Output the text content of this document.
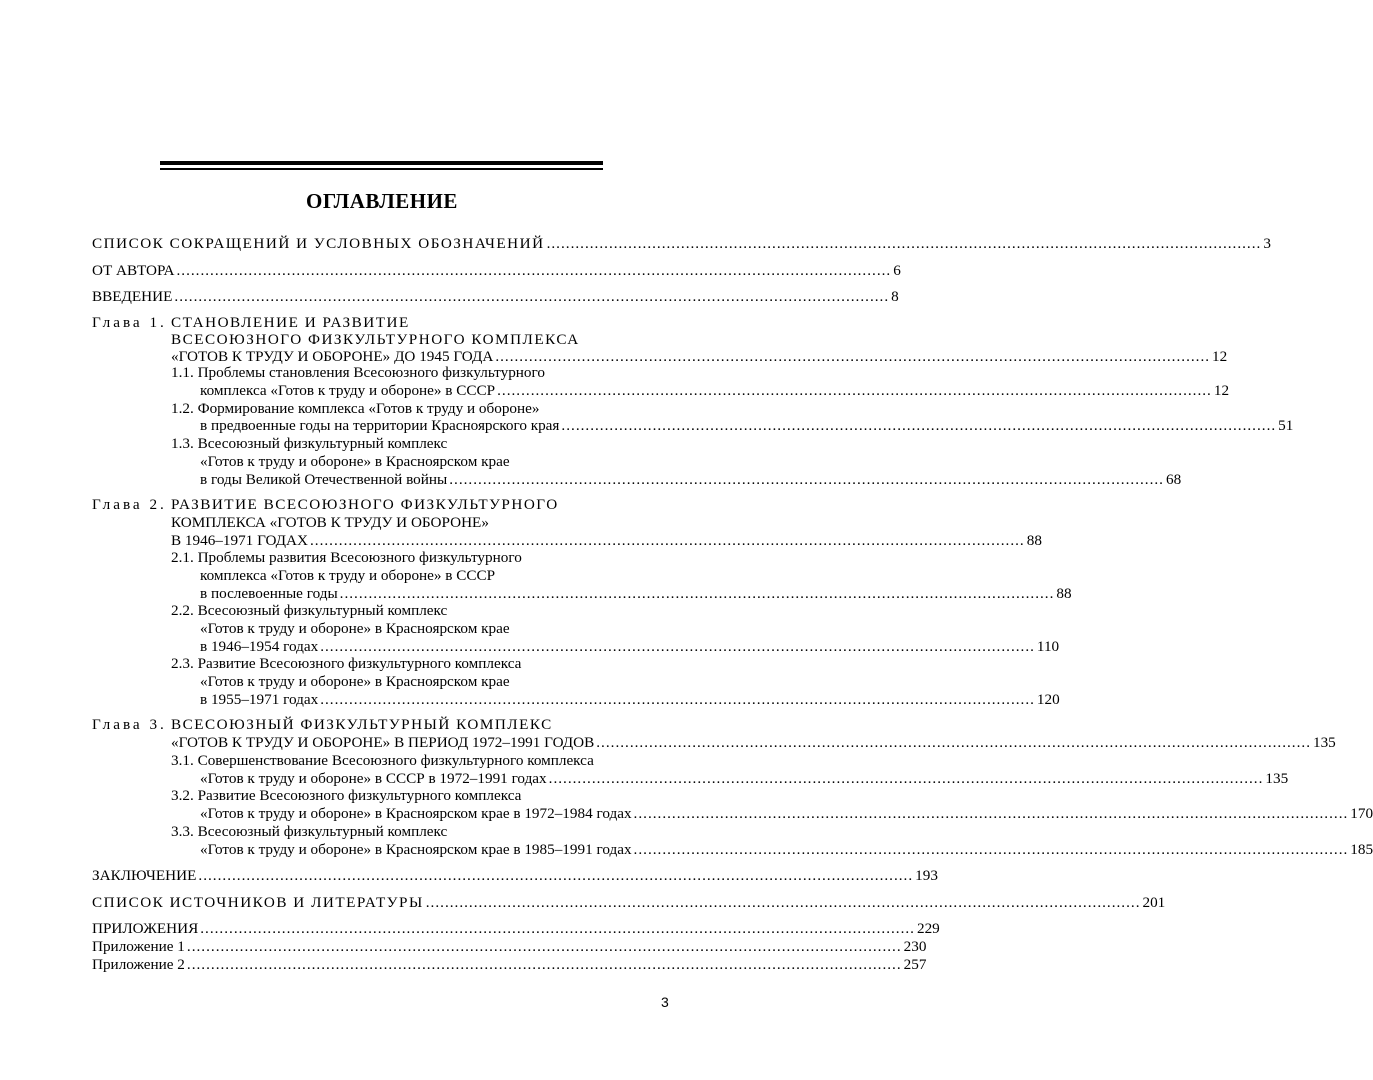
ОГЛАВЛЕНИЕ
СПИСОК СОКРАЩЕНИЙ И УСЛОВНЫХ ОБОЗНАЧЕНИЙ ..................................................................................................................................................... 3
ОТ АВТОРА ..................................................................................................................................................... 6
ВВЕДЕНИЕ ..................................................................................................................................................... 8
Глава 1. СТАНОВЛЕНИЕ И РАЗВИТИЕ
ВСЕСОЮЗНОГО ФИЗКУЛЬТУРНОГО КОМПЛЕКСА
«ГОТОВ К ТРУДУ И ОБОРОНЕ» ДО 1945 ГОДА ..................................................................................................................................................... 12
1.1. Проблемы становления Всесоюзного физкультурного
комплекса «Готов к труду и обороне» в СССР ..................................................................................................................................................... 12
1.2. Формирование комплекса «Готов к труду и обороне»
в предвоенные годы на территории Красноярского края ..................................................................................................................................................... 51
1.3. Всесоюзный физкультурный комплекс
«Готов к труду и обороне» в Красноярском крае
в годы Великой Отечественной войны ..................................................................................................................................................... 68
Глава 2. РАЗВИТИЕ ВСЕСОЮЗНОГО ФИЗКУЛЬТУРНОГО
КОМПЛЕКСА «ГОТОВ К ТРУДУ И ОБОРОНЕ»
В 1946–1971 ГОДАХ ..................................................................................................................................................... 88
2.1. Проблемы развития Всесоюзного физкультурного
комплекса «Готов к труду и обороне» в СССР
в послевоенные годы ..................................................................................................................................................... 88
2.2. Всесоюзный физкультурный комплекс
«Готов к труду и обороне» в Красноярском крае
в 1946–1954 годах ..................................................................................................................................................... 110
2.3. Развитие Всесоюзного физкультурного комплекса
«Готов к труду и обороне» в Красноярском крае
в 1955–1971 годах ..................................................................................................................................................... 120
Глава 3. ВСЕСОЮЗНЫЙ ФИЗКУЛЬТУРНЫЙ КОМПЛЕКС
«ГОТОВ К ТРУДУ И ОБОРОНЕ» В ПЕРИОД 1972–1991 ГОДОВ ..................................................................................................................................................... 135
3.1. Совершенствование Всесоюзного физкультурного комплекса
«Готов к труду и обороне» в СССР в 1972–1991 годах ..................................................................................................................................................... 135
3.2. Развитие Всесоюзного физкультурного комплекса
«Готов к труду и обороне» в Красноярском крае в 1972–1984 годах ..................................................................................................................................................... 170
3.3. Всесоюзный физкультурный комплекс
«Готов к труду и обороне» в Красноярском крае в 1985–1991 годах ..................................................................................................................................................... 185
ЗАКЛЮЧЕНИЕ ..................................................................................................................................................... 193
СПИСОК ИСТОЧНИКОВ И ЛИТЕРАТУРЫ ..................................................................................................................................................... 201
ПРИЛОЖЕНИЯ ..................................................................................................................................................... 229
Приложение 1 ..................................................................................................................................................... 230
Приложение 2 ..................................................................................................................................................... 257
3
